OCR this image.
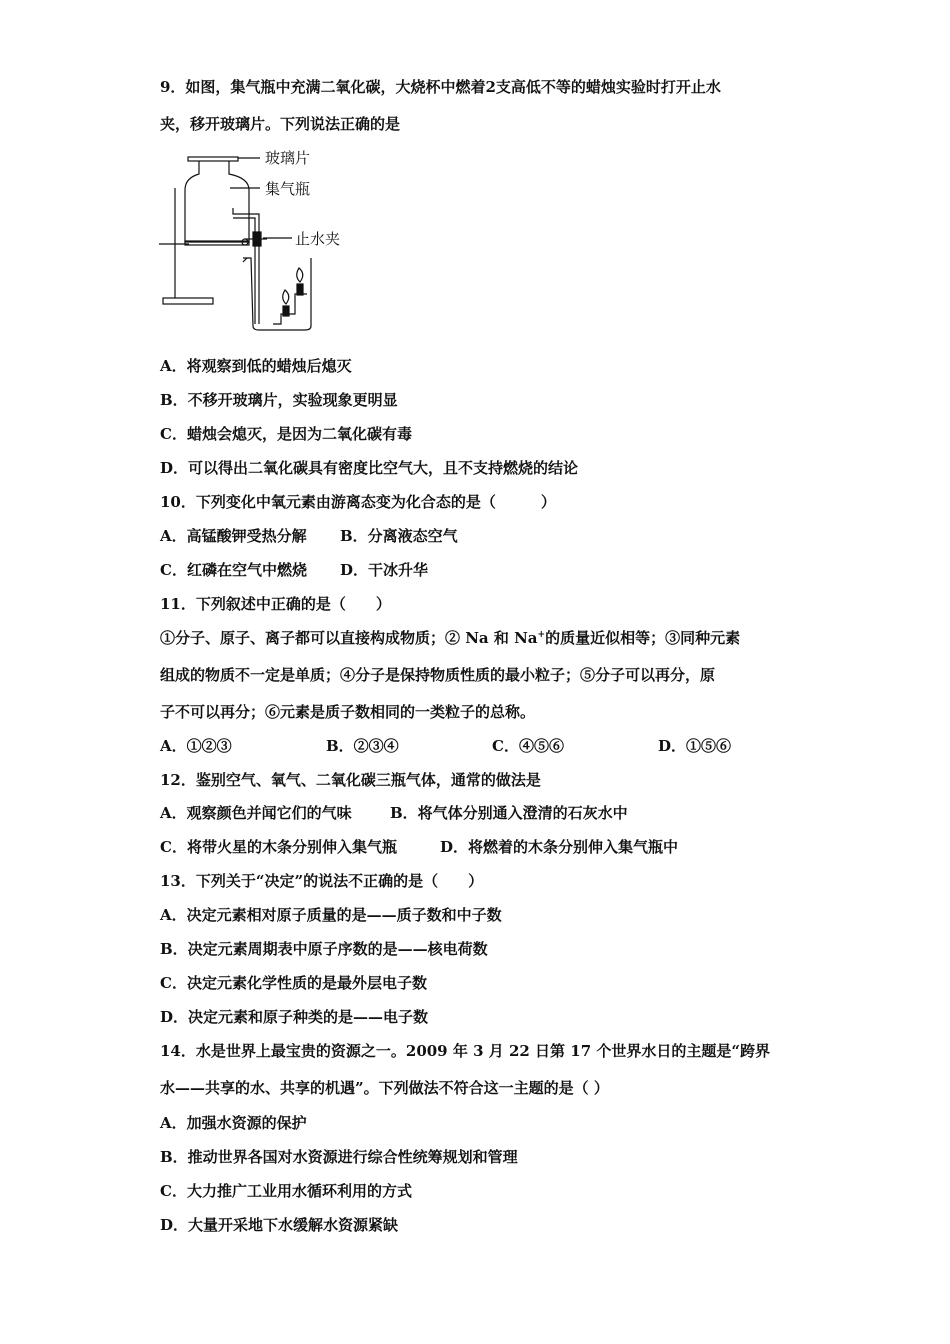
9．如图，集气瓶中充满二氧化碳，大烧杯中燃着2支高低不等的蜡烛实验时打开止水
夹，移开玻璃片。下列说法正确的是
玻璃片
集气瓶
止水夹
A．将观察到低的蜡烛后熄灭
B．不移开玻璃片，实验现象更明显
C．蜡烛会熄灭，是因为二氧化碳有毒
D．可以得出二氧化碳具有密度比空气大，且不支持燃烧的结论
10．下列变化中氧元素由游离态变为化合态的是（　　　）
A．高锰酸钾受热分解 B．分离液态空气
C．红磷在空气中燃烧 D．干冰升华
11．下列叙述中正确的是（　　）
①分子、原子、离子都可以直接构成物质；② Na 和 Na+的质量近似相等；③同种元素
组成的物质不一定是单质；④分子是保持物质性质的最小粒子；⑤分子可以再分，原
子不可以再分；⑥元素是质子数相同的一类粒子的总称。
A．①②③	B．②③④	C．④⑤⑥	D．①⑤⑥
12．鉴别空气、氧气、二氧化碳三瓶气体，通常的做法是
A．观察颜色并闻它们的气味	B．将气体分别通入澄清的石灰水中
C．将带火星的木条分别伸入集气瓶	D．将燃着的木条分别伸入集气瓶中
13．下列关于“决定”的说法不正确的是（　　）
A．决定元素相对原子质量的是——质子数和中子数
B．决定元素周期表中原子序数的是——核电荷数
C．决定元素化学性质的是最外层电子数
D．决定元素和原子种类的是——电子数
14．水是世界上最宝贵的资源之一。2009 年 3 月 22 日第 17 个世界水日的主题是“跨界
水——共享的水、共享的机遇”。下列做法不符合这一主题的是（ ）
A．加强水资源的保护
B．推动世界各国对水资源进行综合性统筹规划和管理
C．大力推广工业用水循环利用的方式
D．大量开采地下水缓解水资源紧缺
